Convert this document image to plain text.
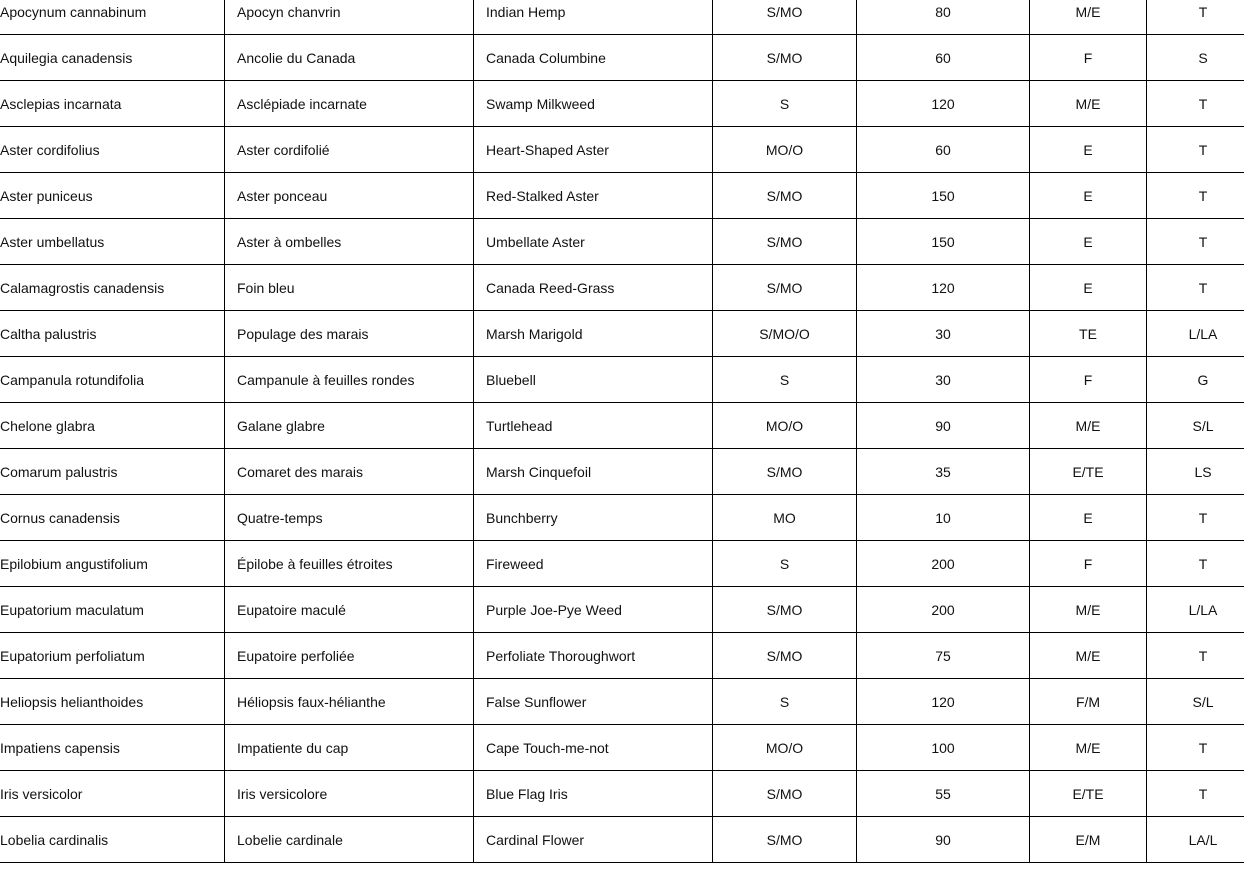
Apocynum cannabinum	Apocyn chanvrin	Indian Hemp	S/MO	80	M/E	T	
Aquilegia canadensis	Ancolie du Canada	Canada Columbine	S/MO	60	F	S	
Asclepias incarnata	Asclépiade incarnate	Swamp Milkweed	S	120	M/E	T	
Aster cordifolius	Aster cordifolié	Heart-Shaped Aster	MO/O	60	E	T	
Aster puniceus	Aster ponceau	Red-Stalked Aster	S/MO	150	E	T	
Aster umbellatus	Aster à ombelles	Umbellate Aster	S/MO	150	E	T	
Calamagrostis canadensis	Foin bleu	Canada Reed-Grass	S/MO	120	E	T	
Caltha palustris	Populage des marais	Marsh Marigold	S/MO/O	30	TE	L/LA	
Campanula rotundifolia	Campanule à feuilles rondes	Bluebell	S	30	F	G	
Chelone glabra	Galane glabre	Turtlehead	MO/O	90	M/E	S/L	
Comarum palustris	Comaret des marais	Marsh Cinquefoil	S/MO	35	E/TE	LS	
Cornus canadensis	Quatre-temps	Bunchberry	MO	10	E	T	
Epilobium angustifolium	Épilobe à feuilles étroites	Fireweed	S	200	F	T	
Eupatorium maculatum	Eupatoire maculé	Purple Joe-Pye Weed	S/MO	200	M/E	L/LA	
Eupatorium perfoliatum	Eupatoire perfoliée	Perfoliate Thoroughwort	S/MO	75	M/E	T	
Heliopsis helianthoides	Héliopsis faux-hélianthe	False Sunflower	S	120	F/M	S/L	
Impatiens capensis	Impatiente du cap	Cape Touch-me-not	MO/O	100	M/E	T	
Iris versicolor	Iris versicolore	Blue Flag Iris	S/MO	55	E/TE	T	
Lobelia cardinalis	Lobelie cardinale	Cardinal Flower	S/MO	90	E/M	LA/L	
